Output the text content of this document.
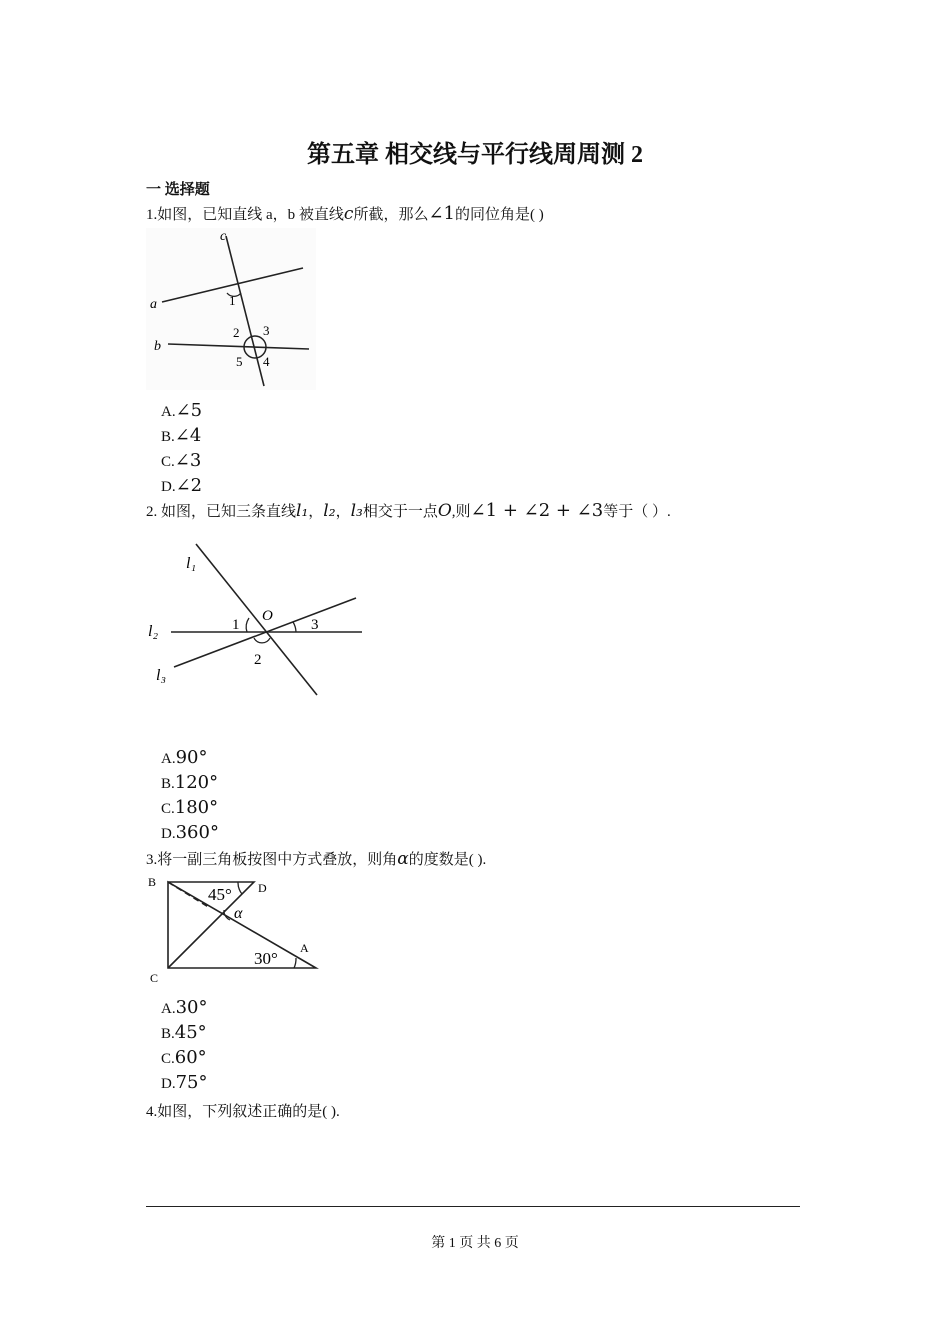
第五章 相交线与平行线周周测 2
一 选择题
1.如图，已知直线 a，b 被直线c所截，那么∠1的同位角是( )
c
a
b
1
2 3
4
5
A.∠5
B.∠4
C.∠3
D.∠2
2. 如图，已知三条直线l₁，l₂，l₃相交于一点O,则∠1 + ∠2 + ∠3等于（ ）.
l₁
l₂
l₃
1
2
3
O
A.90°
B.120°
C.180°
D.360°
3.将一副三角板按图中方式叠放，则角α的度数是( ).
B	D
C
A
45°
30°
α
A.30°
B.45°
C.60°
D.75°
4.如图，下列叙述正确的是( ).
第 1 页 共 6 页
